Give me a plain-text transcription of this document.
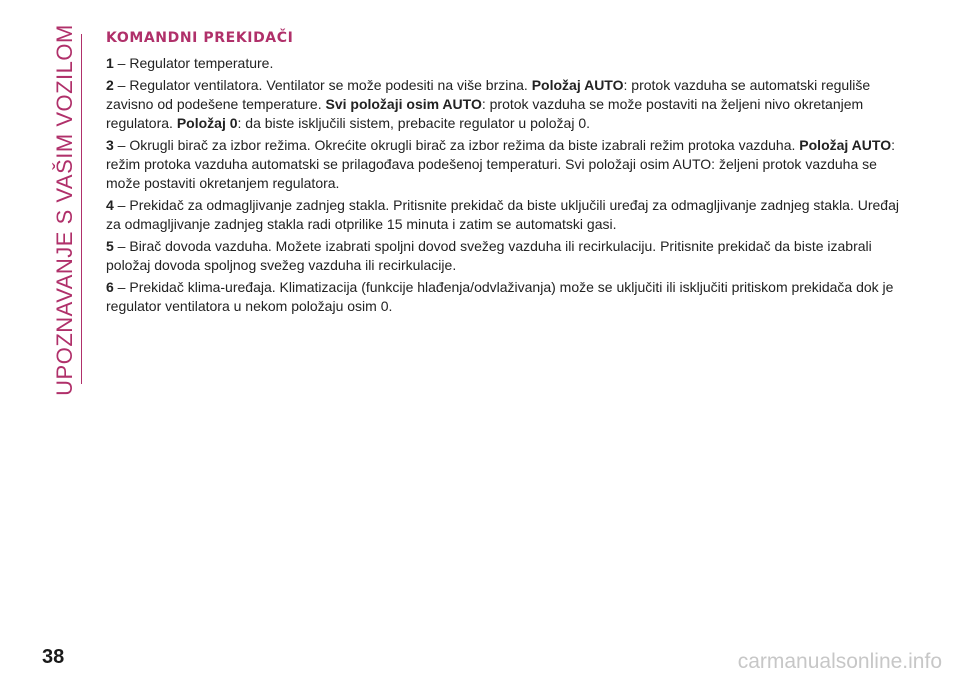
UPOZNAVANJE S VAŠIM VOZILOM KOMANDNI PREKIDAČI

1 – Regulator temperature.

2 – Regulator ventilatora. Ventilator se može podesiti na više brzina. Položaj AUTO: protok vazduha se automatski reguliše zavisno od podešene temperature. Svi položaji osim AUTO: protok vazduha se može postaviti na željeni nivo okretanjem regulatora. Položaj 0: da biste isključili sistem, prebacite regulator u položaj 0.

3 – Okrugli birač za izbor režima. Okrećite okrugli birač za izbor režima da biste izabrali režim protoka vazduha. Položaj AUTO: režim protoka vazduha automatski se prilagođava podešenoj temperaturi. Svi položaji osim AUTO: željeni protok vazduha se može postaviti okretanjem regulatora.

4 – Prekidač za odmagljivanje zadnjeg stakla. Pritisnite prekidač da biste uključili uređaj za odmagljivanje zadnjeg stakla. Uređaj za odmagljivanje zadnjeg stakla radi otprilike 15 minuta i zatim se automatski gasi.

5 – Birač dovoda vazduha. Možete izabrati spoljni dovod svežeg vazduha ili recirkulaciju. Pritisnite prekidač da biste izabrali položaj dovoda spoljnog svežeg vazduha ili recirkulacije.

6 – Prekidač klima-uređaja. Klimatizacija (funkcije hlađenja/odvlaživanja) može se uključiti ili isključiti pritiskom prekidača dok je regulator ventilatora u nekom položaju osim 0.

38	carmanualsonline.info
